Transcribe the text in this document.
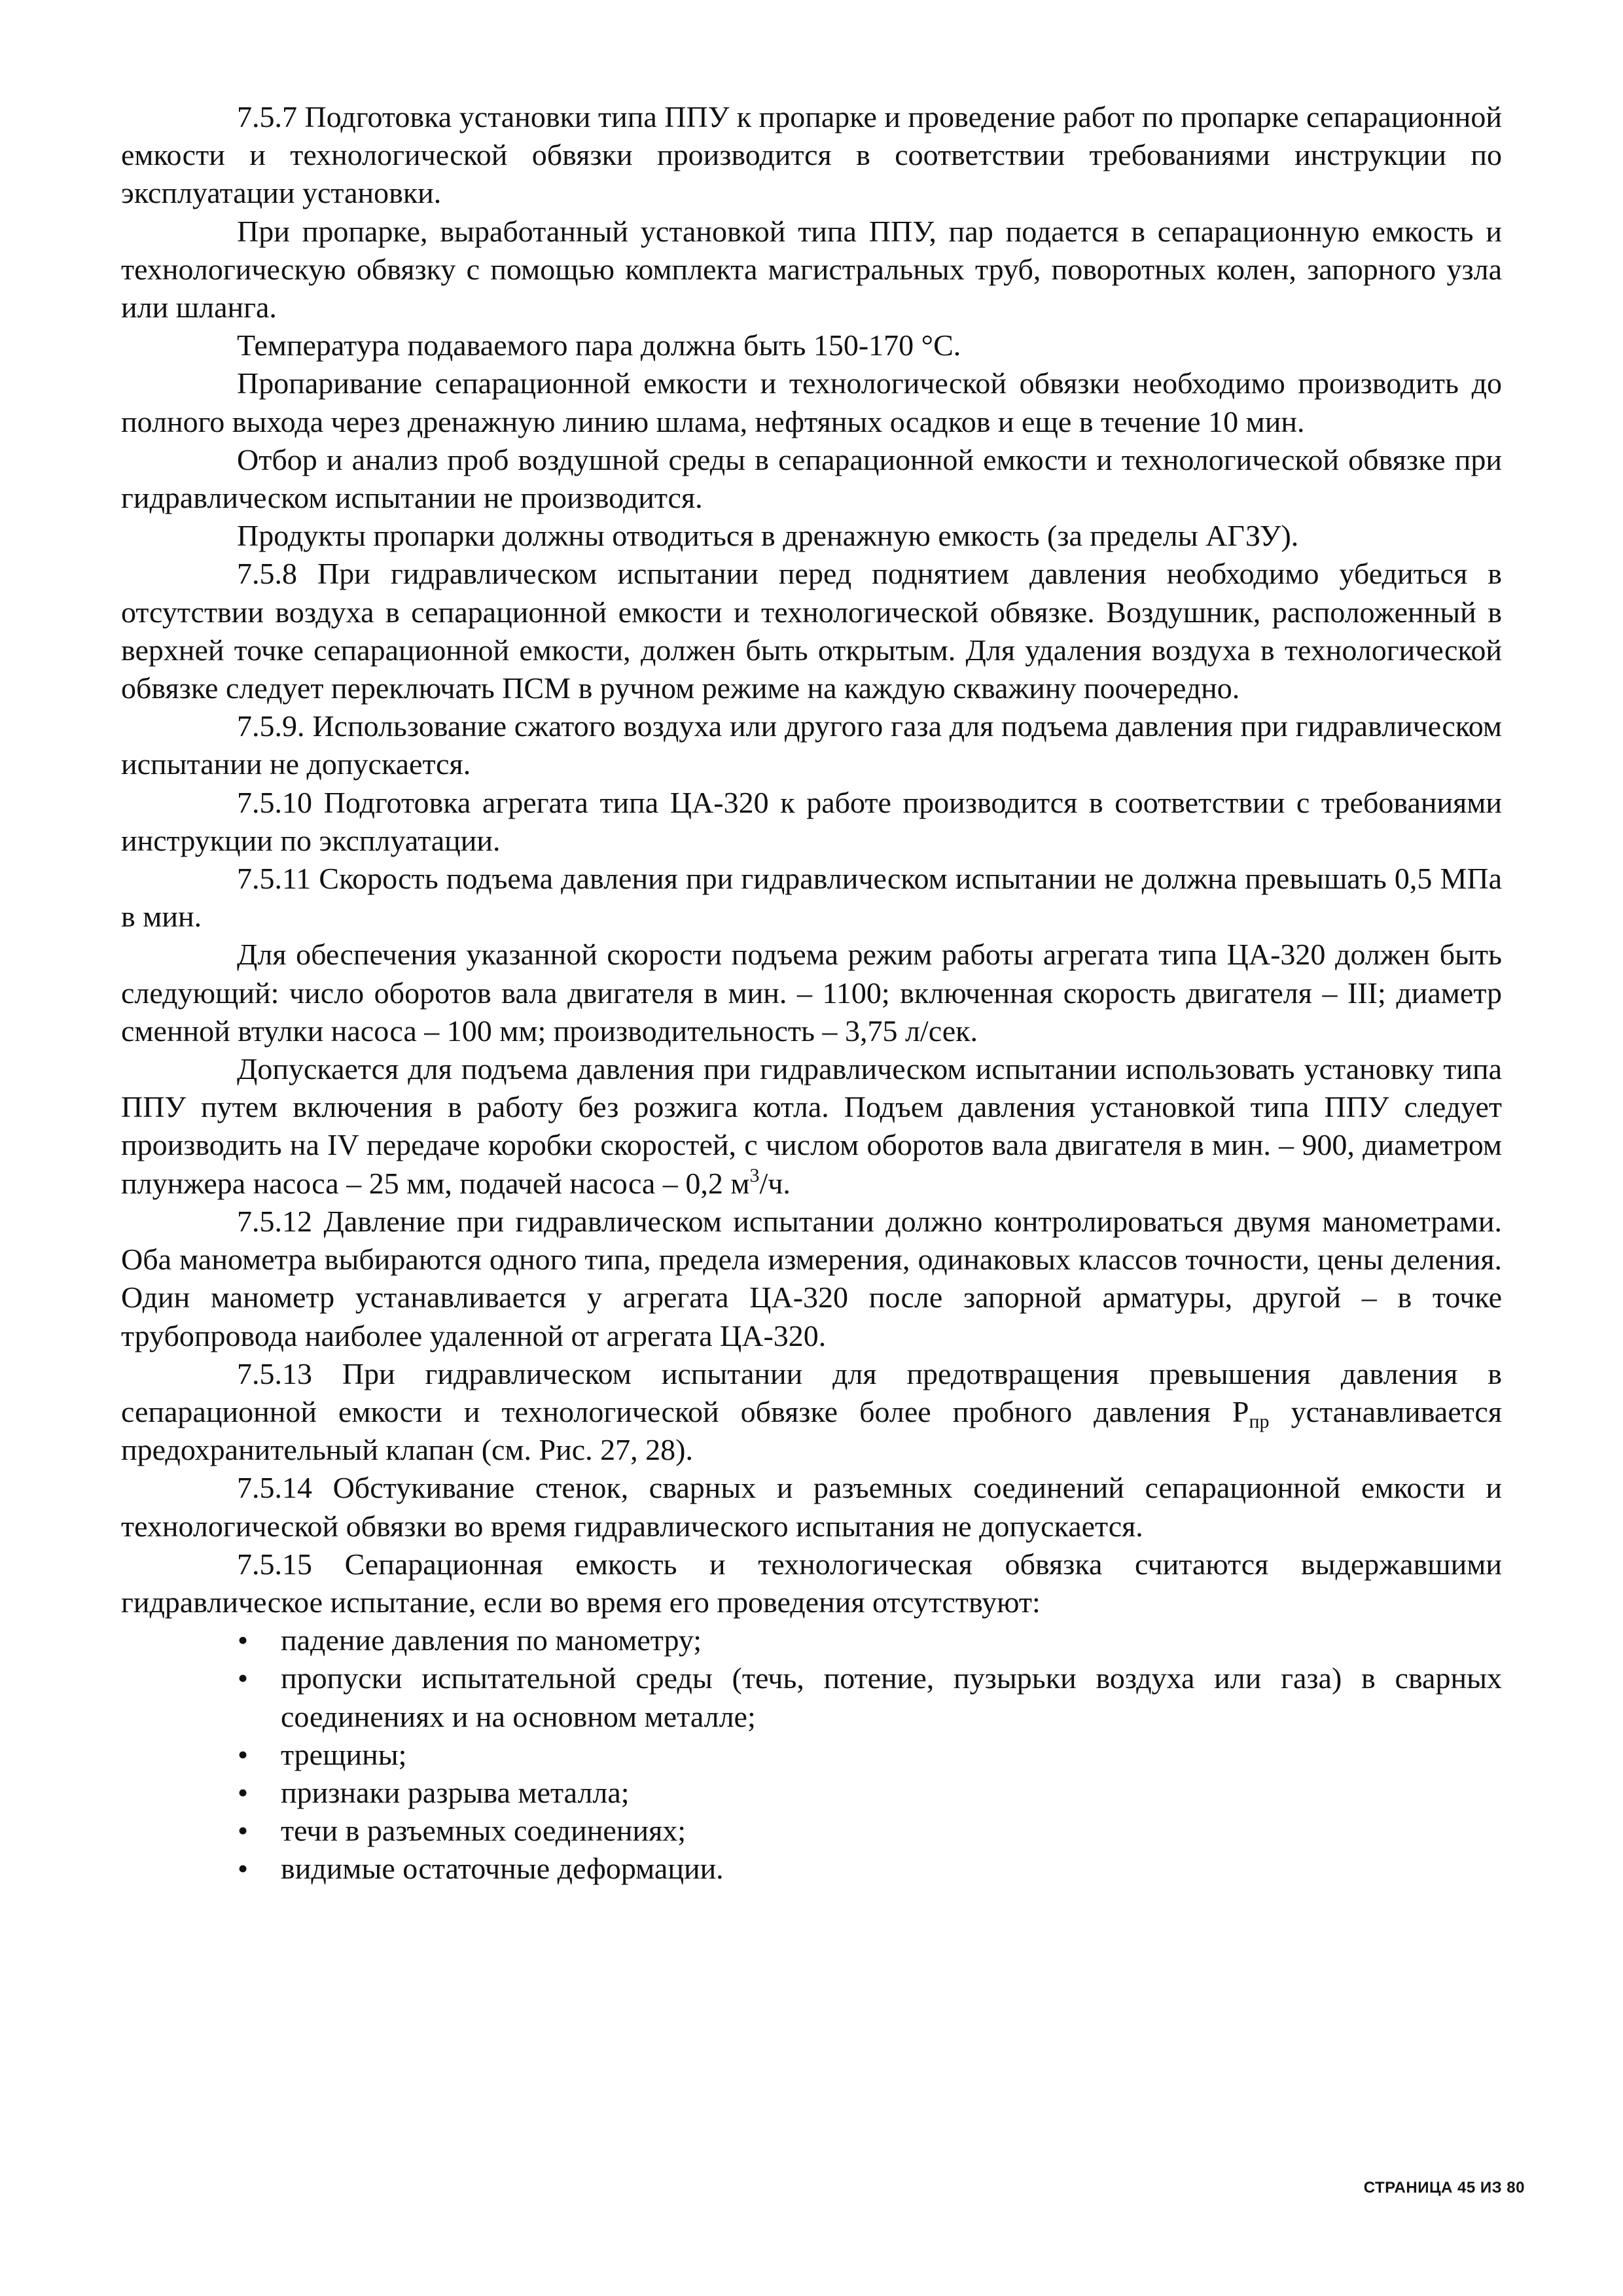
7.5.7 Подготовка установки типа ППУ к пропарке и проведение работ по пропарке сепарационной емкости и технологической обвязки производится в соответствии требованиями инструкции по эксплуатации установки.

При пропарке, выработанный установкой типа ППУ, пар подается в сепарационную емкость и технологическую обвязку с помощью комплекта магистральных труб, поворотных колен, запорного узла или шланга.

Температура подаваемого пара должна быть 150-170 °С.

Пропаривание сепарационной емкости и технологической обвязки необходимо производить до полного выхода через дренажную линию шлама, нефтяных осадков и еще в течение 10 мин.

Отбор и анализ проб воздушной среды в сепарационной емкости и технологической обвязке при гидравлическом испытании не производится.

Продукты пропарки должны отводиться в дренажную емкость (за пределы АГЗУ).

7.5.8 При гидравлическом испытании перед поднятием давления необходимо убедиться в отсутствии воздуха в сепарационной емкости и технологической обвязке. Воздушник, расположенный в верхней точке сепарационной емкости, должен быть открытым. Для удаления воздуха в технологической обвязке следует переключать ПСМ в ручном режиме на каждую скважину поочередно.

7.5.9. Использование сжатого воздуха или другого газа для подъема давления при гидравлическом испытании не допускается.

7.5.10 Подготовка агрегата типа ЦА-320 к работе производится в соответствии с требованиями инструкции по эксплуатации.

7.5.11 Скорость подъема давления при гидравлическом испытании не должна превышать 0,5 МПа в мин.

Для обеспечения указанной скорости подъема режим работы агрегата типа ЦА-320 должен быть следующий: число оборотов вала двигателя в мин. – 1100; включенная скорость двигателя – III; диаметр сменной втулки насоса – 100 мм; производительность – 3,75 л/сек.

Допускается для подъема давления при гидравлическом испытании использовать установку типа ППУ путем включения в работу без розжига котла. Подъем давления установкой типа ППУ следует производить на IV передаче коробки скоростей, с числом оборотов вала двигателя в мин. – 900, диаметром плунжера насоса – 25 мм, подачей насоса – 0,2 $м^3/ч$.

7.5.12 Давление при гидравлическом испытании должно контролироваться двумя манометрами. Оба манометра выбираются одного типа, предела измерения, одинаковых классов точности, цены деления. Один манометр устанавливается у агрегата ЦА-320 после запорной арматуры, другой – в точке трубопровода наиболее удаленной от агрегата ЦА-320.

7.5.13 При гидравлическом испытании для предотвращения превышения давления в сепарационной емкости и технологической обвязке более пробного давления $Р_{пр}$ устанавливается предохранительный клапан (см. Рис. 27, 28).

7.5.14 Обстукивание стенок, сварных и разъемных соединений сепарационной емкости и технологической обвязки во время гидравлического испытания не допускается.

7.5.15 Сепарационная емкость и технологическая обвязка считаются выдержавшими гидравлическое испытание, если во время его проведения отсутствуют:

• падение давления по манометру;
• пропуски испытательной среды (течь, потение, пузырьки воздуха или газа) в сварных соединениях и на основном металле;
• трещины;
• признаки разрыва металла;
• течи в разъемных соединениях;
• видимые остаточные деформации.
СТРАНИЦА 45 ИЗ 80
